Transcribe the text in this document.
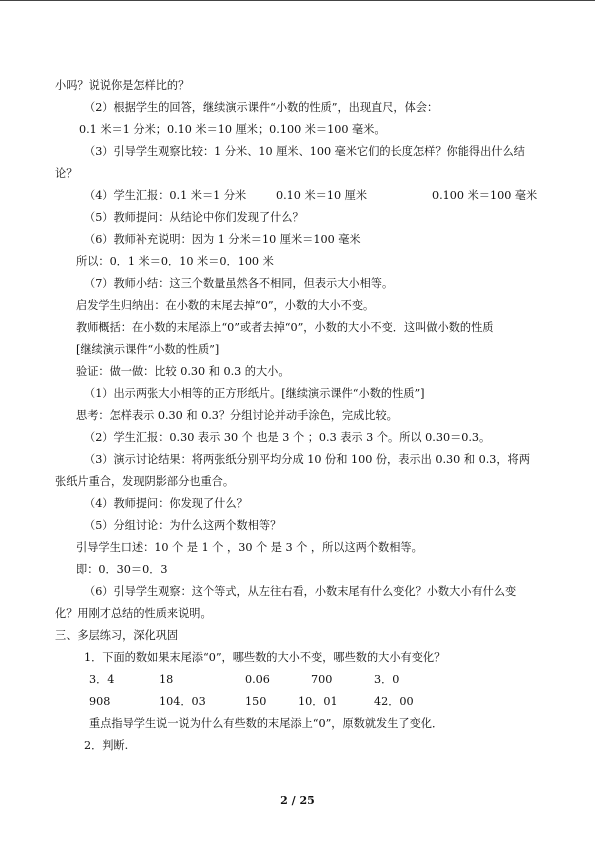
小吗？说说你是怎样比的？
（2）根据学生的回答，继续演示课件“小数的性质”，出现直尺，体会：
0.1 米＝1 分米；0.10 米＝10 厘米；0.100 米＝100 毫米。
（3）引导学生观察比较：1 分米、10 厘米、100 毫米它们的长度怎样？你能得出什么结
论？
（4）学生汇报：0.1 米＝1 分米	0.10 米＝10 厘米	0.100 米＝100 毫米
（5）教师提问：从结论中你们发现了什么？
（6）教师补充说明：因为 1 分米＝10 厘米＝100 毫米
所以：0．1 米＝0．10 米＝0．100 米
（7）教师小结：这三个数量虽然各不相同，但表示大小相等。
启发学生归纳出：在小数的末尾去掉“0”，小数的大小不变。
教师概括：在小数的末尾添上“0”或者去掉“0”，小数的大小不变．这叫做小数的性质
[继续演示课件“小数的性质”]
验证：做一做：比较 0.30 和 0.3 的大小。
（1）出示两张大小相等的正方形纸片。[继续演示课件“小数的性质”]
思考：怎样表示 0.30 和 0.3？分组讨论并动手涂色，完成比较。
（2）学生汇报：0.30 表示 30 个 也是 3 个 ；0.3 表示 3 个。所以 0.30＝0.3。
（3）演示讨论结果：将两张纸分别平均分成 10 份和 100 份，表示出 0.30 和 0.3，将两
张纸片重合，发现阴影部分也重合。
（4）教师提问：你发现了什么？
（5）分组讨论：为什么这两个数相等？
引导学生口述：10 个 是 1 个 ，30 个 是 3 个 ，所以这两个数相等。
即：0．30＝0．3
（6）引导学生观察：这个等式，从左往右看，小数末尾有什么变化？小数大小有什么变
化？用刚才总结的性质来说明。
三、多层练习，深化巩固
1．下面的数如果末尾添“0”，哪些数的大小不变，哪些数的大小有变化？
3．4	18	0.06	700	3．0
908	104．03	150	10．01	42．00
重点指导学生说一说为什么有些数的末尾添上“0”，原数就发生了变化．
2．判断.
2 / 25
